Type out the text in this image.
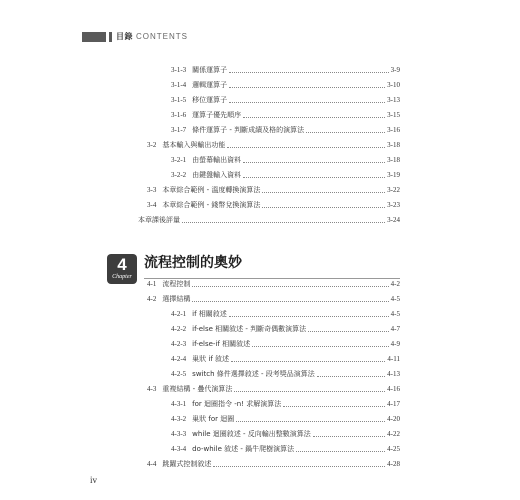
目錄 CONTENTS
3-1-3 關係運算子	3-9
3-1-4 邏輯運算子	3-10
3-1-5 移位運算子	3-13
3-1-6 運算子優先順序	3-15
3-1-7 條件運算子 - 判斷成績及格的演算法	3-16
3-2 基本輸入與輸出功能	3-18
3-2-1 由螢幕輸出資料	3-18
3-2-2 由鍵盤輸入資料	3-19
3-3 本章綜合範例 - 溫度轉換演算法	3-22
3-4 本章綜合範例 - 錢幣兌換演算法	3-23
本章課後評量	3-24
4
Chapter
流程控制的奧妙
4-1 流程控制	4-2
4-2 選擇結構	4-5
4-2-1 if 相關敘述	4-5
4-2-2 if-else 相關敘述 - 判斷奇偶數演算法	4-7
4-2-3 if-else-if 相關敘述	4-9
4-2-4 巢狀 if 敘述	4-11
4-2-5 switch 條件選擇敘述 - 段考獎品演算法	4-13
4-3 重複結構 - 疊代演算法	4-16
4-3-1 for 迴圈指令 -n! 求解演算法	4-17
4-3-2 巢狀 for 迴圈	4-20
4-3-3 while 迴圈敘述 - 反向輸出整數演算法	4-22
4-3-4 do-while 敘述 - 鍋牛爬樹演算法	4-25
4-4 跳躍式控制敘述	4-28
iv
